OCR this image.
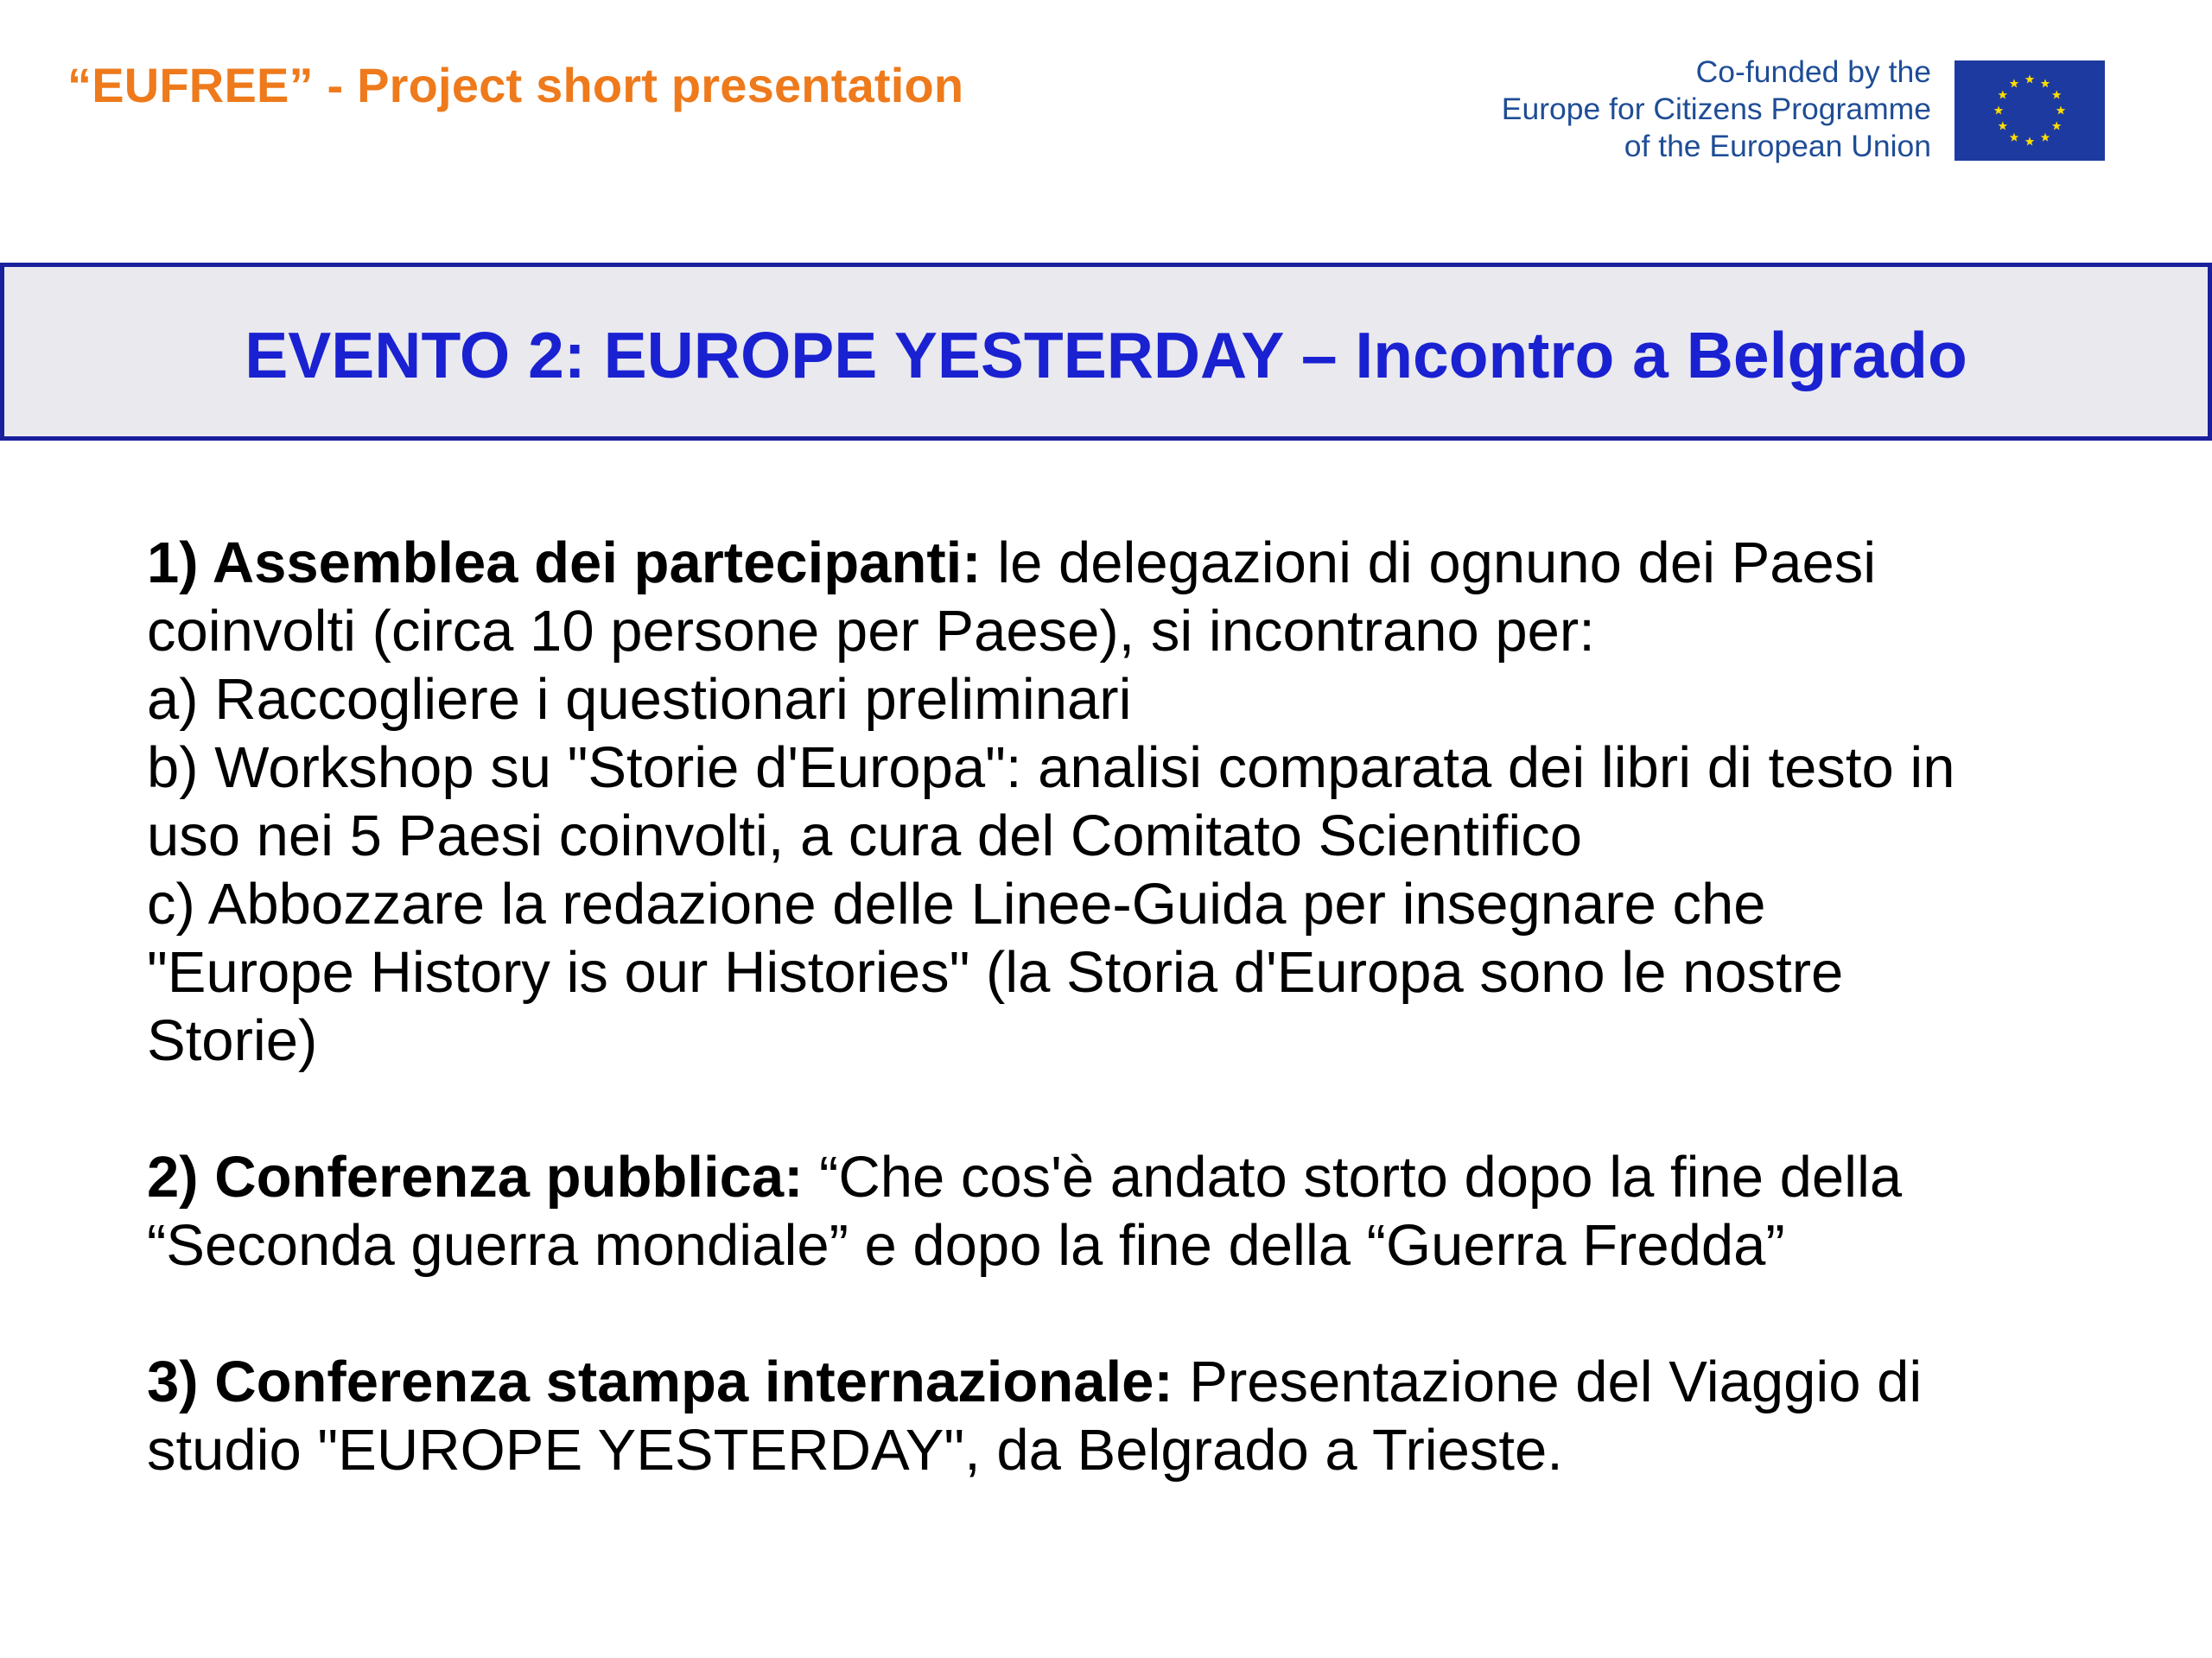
“EUFREE” - Project short presentation	Co-funded by the
Europe for Citizens Programme
of the European Union
EVENTO 2: EUROPE YESTERDAY – Incontro a Belgrado

1) Assemblea dei partecipanti: le delegazioni di ognuno dei Paesi
coinvolti (circa 10 persone per Paese), si incontrano per:
a) Raccogliere i questionari preliminari
b) Workshop su "Storie d'Europa": analisi comparata dei libri di testo in
uso nei 5 Paesi coinvolti, a cura del Comitato Scientifico
c) Abbozzare la redazione delle Linee-Guida per insegnare che
"Europe History is our Histories" (la Storia d'Europa sono le nostre
Storie)

2) Conferenza pubblica: “Che cos'è andato storto dopo la fine della
“Seconda guerra mondiale” e dopo la fine della “Guerra Fredda”

3) Conferenza stampa internazionale: Presentazione del Viaggio di
studio "EUROPE YESTERDAY", da Belgrado a Trieste.
